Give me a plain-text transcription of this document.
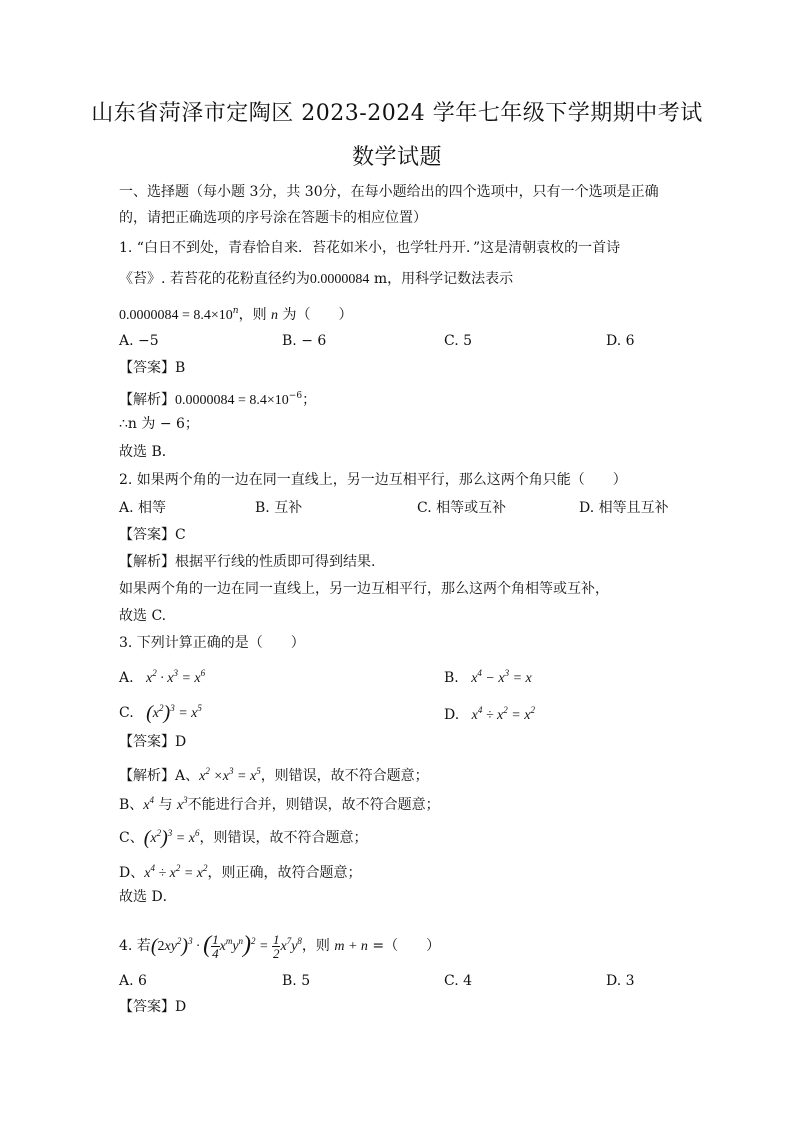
山东省菏泽市定陶区 2023-2024 学年七年级下学期期中考试
数学试题
一、选择题（每小题 3分，共 30分，在每小题给出的四个选项中，只有一个选项是正确
的，请把正确选项的序号涂在答题卡的相应位置）
1. “白日不到处，青春恰自来．苔花如米小，也学牡丹开．”这是清朝袁枚的一首诗
《苔》. 若苔花的花粉直径约为0.0000084 m，用科学记数法表示
$0.0000084 = 8.4\times 10^n$，则 n 为（　　）
A. −5	B. − 6	C. 5	D. 6
【答案】B
【解析】$0.0000084 = 8.4\times 10^{-6}$；
∴n 为 − 6；
故选 B．
2. 如果两个角的一边在同一直线上，另一边互相平行，那么这两个角只能（　　）
A. 相等	B. 互补	C. 相等或互补	D. 相等且互补
【答案】C
【解析】根据平行线的性质即可得到结果.
如果两个角的一边在同一直线上，另一边互相平行，那么这两个角相等或互补，
故选 C.
3. 下列计算正确的是（　　）
A. $x^2 \cdot x^3 = x^6$	B. $x^4 - x^3 = x$
C. $(x^2)^3 = x^5$	D. $x^4 \div x^2 = x^2$
【答案】D
【解析】A、$x^2 \times x^3 = x^5$，则错误，故不符合题意；
B、$x^4$ 与 $x^3$不能进行合并，则错误，故不符合题意；
C、$(x^2)^3 = x^6$，则错误，故不符合题意；
D、$x^4 \div x^2 = x^2$，则正确，故符合题意；
故选 D．
4. 若$(2xy^2)^3$ · ( $\frac{1}{4} x^my^n)^2 = \frac{1}{2} x^7y^8$，则 m + n =（　　）
A. 6	B. 5	C. 4	D. 3
【答案】D
